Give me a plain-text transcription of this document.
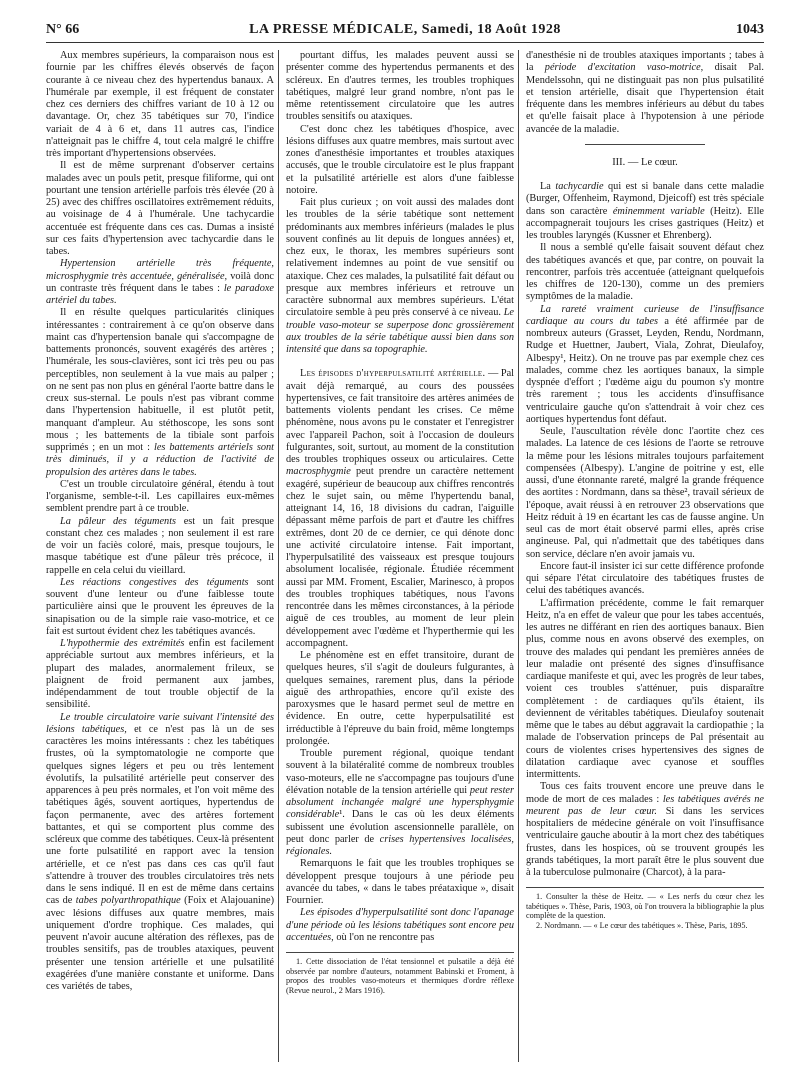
N° 66	LA PRESSE MÉDICALE, Samedi, 18 Août 1928	1043

Aux membres supérieurs, la comparaison nous est fournie par les chiffres élevés observés de façon courante à ce niveau chez des hypertendus banaux. A l'humérale par exemple, il est fréquent de constater chez ces derniers des chiffres variant de 10 à 12 ou davantage. Or, chez 35 tabétiques sur 70, l'indice variait de 4 à 6 et, dans 11 autres cas, l'indice n'atteignait pas le chiffre 4, tout cela malgré le chiffre très important d'hypertensions observées.

Il est de même surprenant d'observer certains malades avec un pouls petit, presque filiforme, qui ont pourtant une tension artérielle parfois très élevée (20 à 25) avec des chiffres oscillatoires extrêmement réduits, au voisinage de 4 à l'humérale. Une tachycardie accentuée est fréquente dans ces cas. Dumas a insisté sur ces faits d'hypertension avec tachycardie dans le tabes.

Hypertension artérielle très fréquente, microsphygmie très accentuée, généralisée, voilà donc un contraste très fréquent dans le tabes : le paradoxe artériel du tabes.

Il en résulte quelques particularités cliniques intéressantes : contrairement à ce qu'on observe dans maint cas d'hypertension banale qui s'accompagne de battements prononcés, souvent exagérés des artères ; l'humérale, les sous-clavières, sont ici très peu ou pas perceptibles, non seulement à la vue mais au palper ; on ne sent pas non plus en général l'aorte battre dans le creux sus-sternal. Le pouls n'est pas vibrant comme dans l'hypertension habituelle, il est plutôt petit, manquant d'ampleur. Au stéthoscope, les sons sont mous ; les battements de la tibiale sont parfois supprimés ; en un mot : les battements artériels sont très diminués, il y a réduction de l'activité de propulsion des artères dans le tabes.

C'est un trouble circulatoire général, étendu à tout l'organisme, semble-t-il. Les capillaires eux-mêmes semblent prendre part à ce trouble.

La pâleur des téguments est un fait presque constant chez ces malades ; non seulement il est rare de voir un faciès coloré, mais, presque toujours, le masque tabétique est d'une pâleur très précoce, il rappelle en cela celui du vieillard.

Les réactions congestives des téguments sont souvent d'une lenteur ou d'une faiblesse toute particulière ainsi que le prouvent les épreuves de la sinapisation ou de la simple raie vaso-motrice, et ce fait est surtout évident chez les tabétiques avancés.

L'hypothermie des extrémités enfin est facilement appréciable surtout aux membres inférieurs, et la plupart des malades, anormalement frileux, se plaignent de froid permanent aux jambes, indépendamment de tout trouble objectif de la sensibilité.

Le trouble circulatoire varie suivant l'intensité des lésions tabétiques, et ce n'est pas là un de ses caractères les moins intéressants : chez les tabétiques frustes, où la symptomatologie ne comporte que quelques signes légers et peu ou très lentement évolutifs, la pulsatilité artérielle peut conserver des apparences à peu près normales, et l'on voit même des tabétiques âgés, souvent aortiques, hypertendus de façon permanente, avec des artères fortement battantes, et qui se comportent plus comme des scléreux que comme des tabétiques. Ceux-là présentent une forte pulsatilité en rapport avec la tension artérielle, et ce n'est pas dans ces cas qu'il faut s'attendre à trouver des troubles circulatoires très nets dans le sens indiqué. Il en est de même dans certains cas de tabes polyarthropathique (Foix et Alajouanine) avec lésions diffuses aux quatre membres, mais uniquement d'ordre trophique. Ces malades, qui peuvent n'avoir aucune altération des réflexes, pas de troubles sensitifs, pas de troubles ataxiques, peuvent présenter une tension artérielle et une pulsatilité exagérées d'une manière constante et uniforme. Dans ces variétés de tabes,

pourtant diffus, les malades peuvent aussi se présenter comme des hypertendus permanents et des scléreux. En d'autres termes, les troubles trophiques tabétiques, malgré leur grand nombre, n'ont pas le même retentissement circulatoire que les autres troubles sensitifs ou ataxiques.

C'est donc chez les tabétiques d'hospice, avec lésions diffuses aux quatre membres, mais surtout avec zones d'anesthésie importantes et troubles ataxiques accusés, que le trouble circulatoire est le plus frappant et la pulsatilité artérielle est alors d'une faiblesse notoire.

Fait plus curieux ; on voit aussi des malades dont les troubles de la série tabétique sont nettement prédominants aux membres inférieurs (malades le plus souvent confinés au lit depuis de longues années) et, chez eux, le thorax, les membres supérieurs sont relativement indemnes au point de vue sensitif ou ataxique. Chez ces malades, la pulsatilité fait défaut ou presque aux membres inférieurs et retrouve un caractère subnormal aux membres supérieurs. L'état circulatoire semble à peu près conservé à ce niveau. Le trouble vaso-moteur se superpose donc grossièrement aux troubles de la série tabétique aussi bien dans son intensité que dans sa topographie.

Les épisodes d'hyperpulsatilité artérielle. — Pal avait déjà remarqué, au cours des poussées hypertensives, ce fait transitoire des artères animées de battements violents pendant les crises. Ce même phénomène, nous avons pu le constater et l'enregistrer avec l'appareil Pachon, soit à l'occasion de douleurs fulgurantes, soit, surtout, au moment de la constitution des troubles trophiques osseux ou articulaires. Cette macrosphygmie peut prendre un caractère nettement exagéré, supérieur de beaucoup aux chiffres rencontrés chez le sujet sain, ou même l'hypertendu banal, atteignant 14, 16, 18 divisions du cadran, l'aiguille dépassant même parfois de part et d'autre les chiffres extrêmes, dont 20 de ce dernier, ce qui dénote donc une activité circulatoire intense. Fait important, l'hyperpulsatilité des vaisseaux est presque toujours absolument localisée, régionale. Étudiée récemment aussi par MM. Froment, Escalier, Marinesco, à propos des troubles trophiques tabétiques, nous l'avons rencontrée dans les mêmes circonstances, à la période aiguë de ces troubles, au moment de leur plein développement avec l'œdème et l'hyperthermie qui les accompagnent.

Le phénomène est en effet transitoire, durant de quelques heures, s'il s'agit de douleurs fulgurantes, à quelques semaines, rarement plus, dans la période aiguë des arthropathies, encore qu'il existe des paroxysmes que le hasard permet seul de mettre en évidence. En outre, cette hyperpulsatilité est irréductible à l'épreuve du bain froid, même longtemps prolongée.

Trouble purement régional, quoique tendant souvent à la bilatéralité comme de nombreux troubles vaso-moteurs, elle ne s'accompagne pas toujours d'une élévation notable de la tension artérielle qui peut rester absolument inchangée malgré une hypersphygmie considérable¹. Dans le cas où les deux éléments subissent une évolution ascensionnelle parallèle, on peut donc parler de crises hypertensives localisées, régionales.

Remarquons le fait que les troubles trophiques se développent presque toujours à une période peu avancée du tabes, « dans le tabes préataxique », disait Fournier.

Les épisodes d'hyperpulsatilité sont donc l'apanage d'une période où les lésions tabétiques sont encore peu accentuées, où l'on ne rencontre pas

1. Cette dissociation de l'état tensionnel et pulsatile a déjà été observée par nombre d'auteurs, notamment Babinski et Froment, à propos des troubles vaso-moteurs et thermiques d'ordre réflexe (Revue neurol., 2 Mars 1916).

d'anesthésie ni de troubles ataxiques importants ; tabes à la période d'excitation vaso-motrice, disait Pal. Mendelssohn, qui ne distinguait pas non plus pulsatilité et tension artérielle, disait que l'hypertension était fréquente dans les membres inférieurs au début du tabes et qu'elle faisait place à l'hypotension à une période avancée de la maladie.

III. — Le cœur.

La tachycardie qui est si banale dans cette maladie (Burger, Offenheim, Raymond, Djeicoff) est très spéciale dans son caractère éminemment variable (Heitz). Elle accompagnerait toujours les crises gastriques (Heitz) et les troubles laryngés (Kussner et Ehrenberg).

Il nous a semblé qu'elle faisait souvent défaut chez des tabétiques avancés et que, par contre, on pouvait la rencontrer, parfois très accentuée (atteignant quelquefois les chiffres de 120-130), comme un des premiers symptômes de la maladie.

La rareté vraiment curieuse de l'insuffisance cardiaque au cours du tabes a été affirmée par de nombreux auteurs (Grasset, Leyden, Rendu, Nordmann, Rudge et Huettner, Jaubert, Viala, Zohrat, Dieulafoy, Albespy¹, Heitz). On ne trouve pas par exemple chez ces malades, comme chez les aortiques banaux, la simple dyspnée d'effort ; l'œdème aigu du poumon s'y montre très rarement ; tous les accidents d'insuffisance ventriculaire gauche qu'on s'attendrait à voir chez ces aortiques hypertendus font défaut.

Seule, l'auscultation révèle donc l'aortite chez ces malades. La latence de ces lésions de l'aorte se retrouve la même pour les lésions mitrales toujours parfaitement compensées (Albespy). L'angine de poitrine y est, elle aussi, d'une étonnante rareté, malgré la grande fréquence des aortites : Nordmann, dans sa thèse², travail sérieux de l'époque, avait réussi à en retrouver 23 observations que Heitz réduit à 19 en écartant les cas de fausse angine. Un seul cas de mort était observé parmi elles, après crise angineuse. Pal, qui n'admettait que des tabétiques dans son service, déclare n'en avoir jamais vu.

Encore faut-il insister ici sur cette différence profonde qui sépare l'état circulatoire des tabétiques frustes de celui des tabétiques avancés.

L'affirmation précédente, comme le fait remarquer Heitz, n'a en effet de valeur que pour les tabes accentués, les autres ne différant en rien des aortiques banaux. Bien plus, comme nous en avons observé des exemples, on trouve des malades qui pendant les premières années de leur maladie ont présenté des signes d'insuffisance cardiaque manifeste et qui, avec les progrès de leur tabes, voient ces troubles s'atténuer, puis disparaître complètement : de cardiaques qu'ils étaient, ils deviennent de véritables tabétiques. Dieulafoy soutenait même que le tabes au début aggravait la cardiopathie ; la malade de l'observation princeps de Pal présentait au cours de violentes crises hypertensives des signes de dilatation cardiaque avec cyanose et souffles intermittents.

Tous ces faits trouvent encore une preuve dans le mode de mort de ces malades : les tabétiques avérés ne meurent pas de leur cœur. Si dans les services hospitaliers de médecine générale on voit l'insuffisance ventriculaire gauche aboutir à la mort chez des tabétiques frustes, dans les hospices, où se trouvent groupés les grands tabétiques, la mort paraît être le plus souvent due à la tuberculose pulmonaire (Charcot), à la para-

1. Consulter la thèse de Heitz. — « Les nerfs du cœur chez les tabétiques ». Thèse, Paris, 1903, où l'on trouvera la bibliographie la plus complète de la question.

2. Nordmann. — « Le cœur des tabétiques ». Thèse, Paris, 1895.
